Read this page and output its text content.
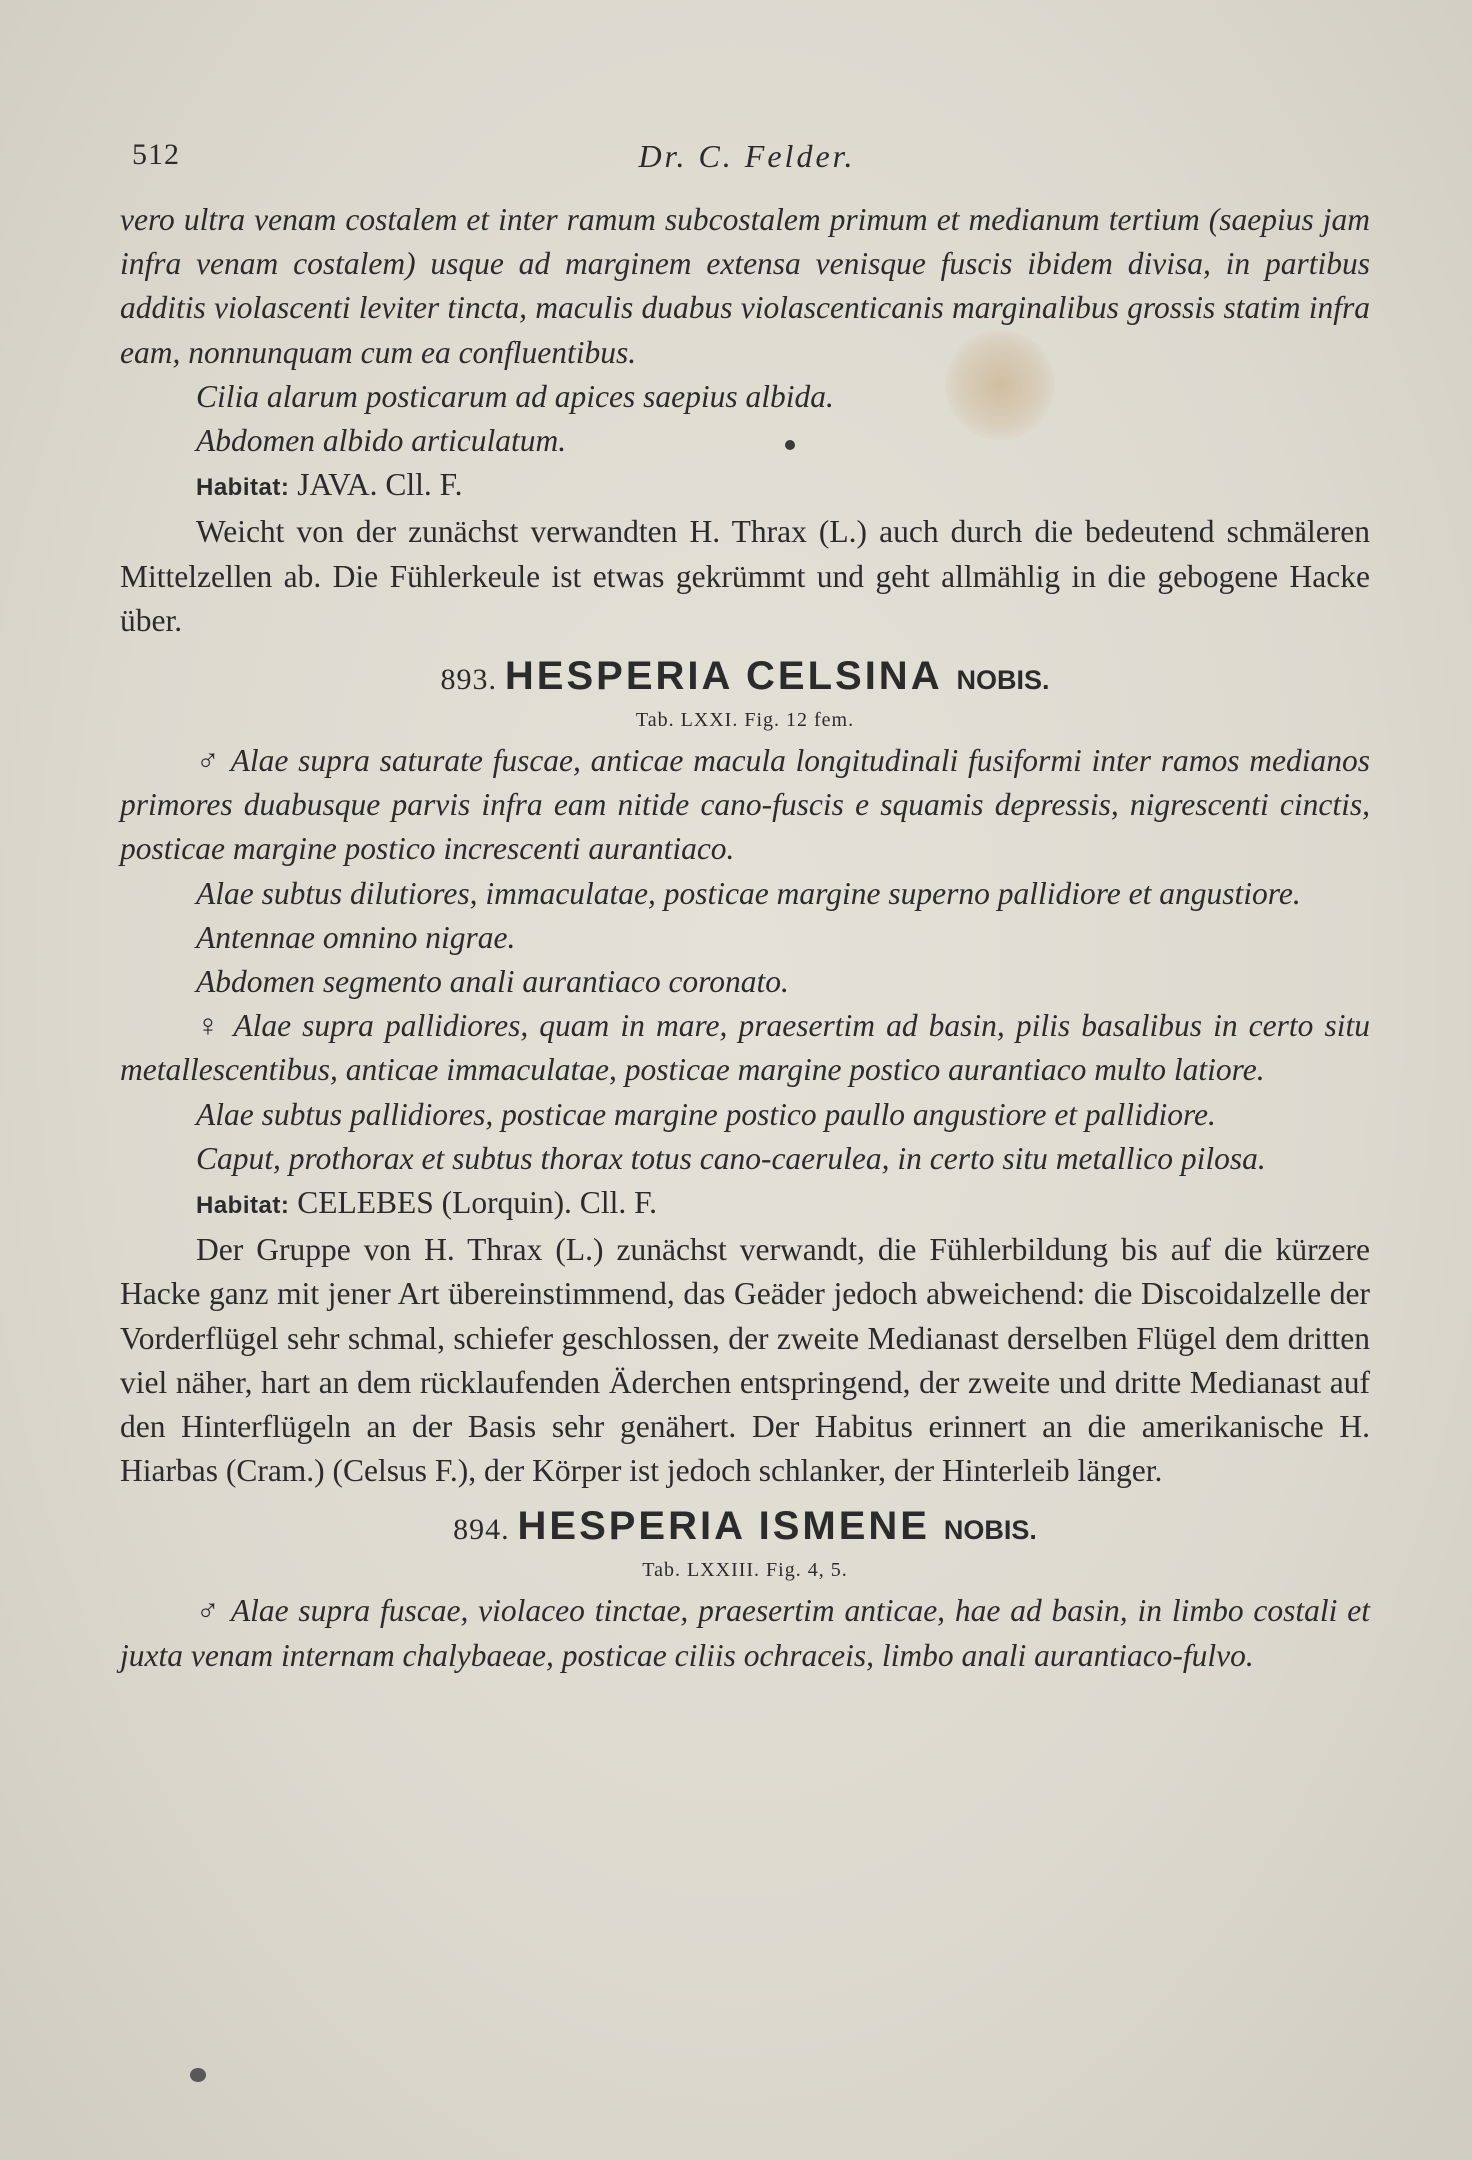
512	Dr. C. Felder.

vero ultra venam costalem et inter ramum subcostalem primum et medianum tertium (saepius jam infra venam costalem) usque ad marginem extensa venisque fuscis ibidem divisa, in partibus additis violascenti leviter tincta, maculis duabus violascenticanis marginalibus grossis statim infra eam, nonnunquam cum ea confluentibus.

Cilia alarum posticarum ad apices saepius albida.

Abdomen albido articulatum.

Habitat: JAVA. Cll. F.

Weicht von der zunächst verwandten H. Thrax (L.) auch durch die bedeutend schmäleren Mittelzellen ab. Die Fühlerkeule ist etwas gekrümmt und geht allmählig in die gebogene Hacke über.

893. HESPERIA CELSINA NOBIS.
Tab. LXXI. Fig. 12 fem.

♂ Alae supra saturate fuscae, anticae macula longitudinali fusiformi inter ramos medianos primores duabusque parvis infra eam nitide cano-fuscis e squamis depressis, nigrescenti cinctis, posticae margine postico increscenti aurantiaco.

Alae subtus dilutiores, immaculatae, posticae margine superno pallidiore et angustiore.

Antennae omnino nigrae.

Abdomen segmento anali aurantiaco coronato.

♀ Alae supra pallidiores, quam in mare, praesertim ad basin, pilis basalibus in certo situ metallescentibus, anticae immaculatae, posticae margine postico aurantiaco multo latiore.

Alae subtus pallidiores, posticae margine postico paullo angustiore et pallidiore.

Caput, prothorax et subtus thorax totus cano-caerulea, in certo situ metallico pilosa.

Habitat: CELEBES (Lorquin). Cll. F.

Der Gruppe von H. Thrax (L.) zunächst verwandt, die Fühlerbildung bis auf die kürzere Hacke ganz mit jener Art übereinstimmend, das Geäder jedoch abweichend: die Discoidalzelle der Vorderflügel sehr schmal, schiefer geschlossen, der zweite Medianast derselben Flügel dem dritten viel näher, hart an dem rücklaufenden Äderchen entspringend, der zweite und dritte Medianast auf den Hinterflügeln an der Basis sehr genähert. Der Habitus erinnert an die amerikanische H. Hiarbas (Cram.) (Celsus F.), der Körper ist jedoch schlanker, der Hinterleib länger.

894. HESPERIA ISMENE NOBIS.
Tab. LXXIII. Fig. 4, 5.

♂ Alae supra fuscae, violaceo tinctae, praesertim anticae, hae ad basin, in limbo costali et juxta venam internam chalybaeae, posticae ciliis ochraceis, limbo anali aurantiaco-fulvo.
